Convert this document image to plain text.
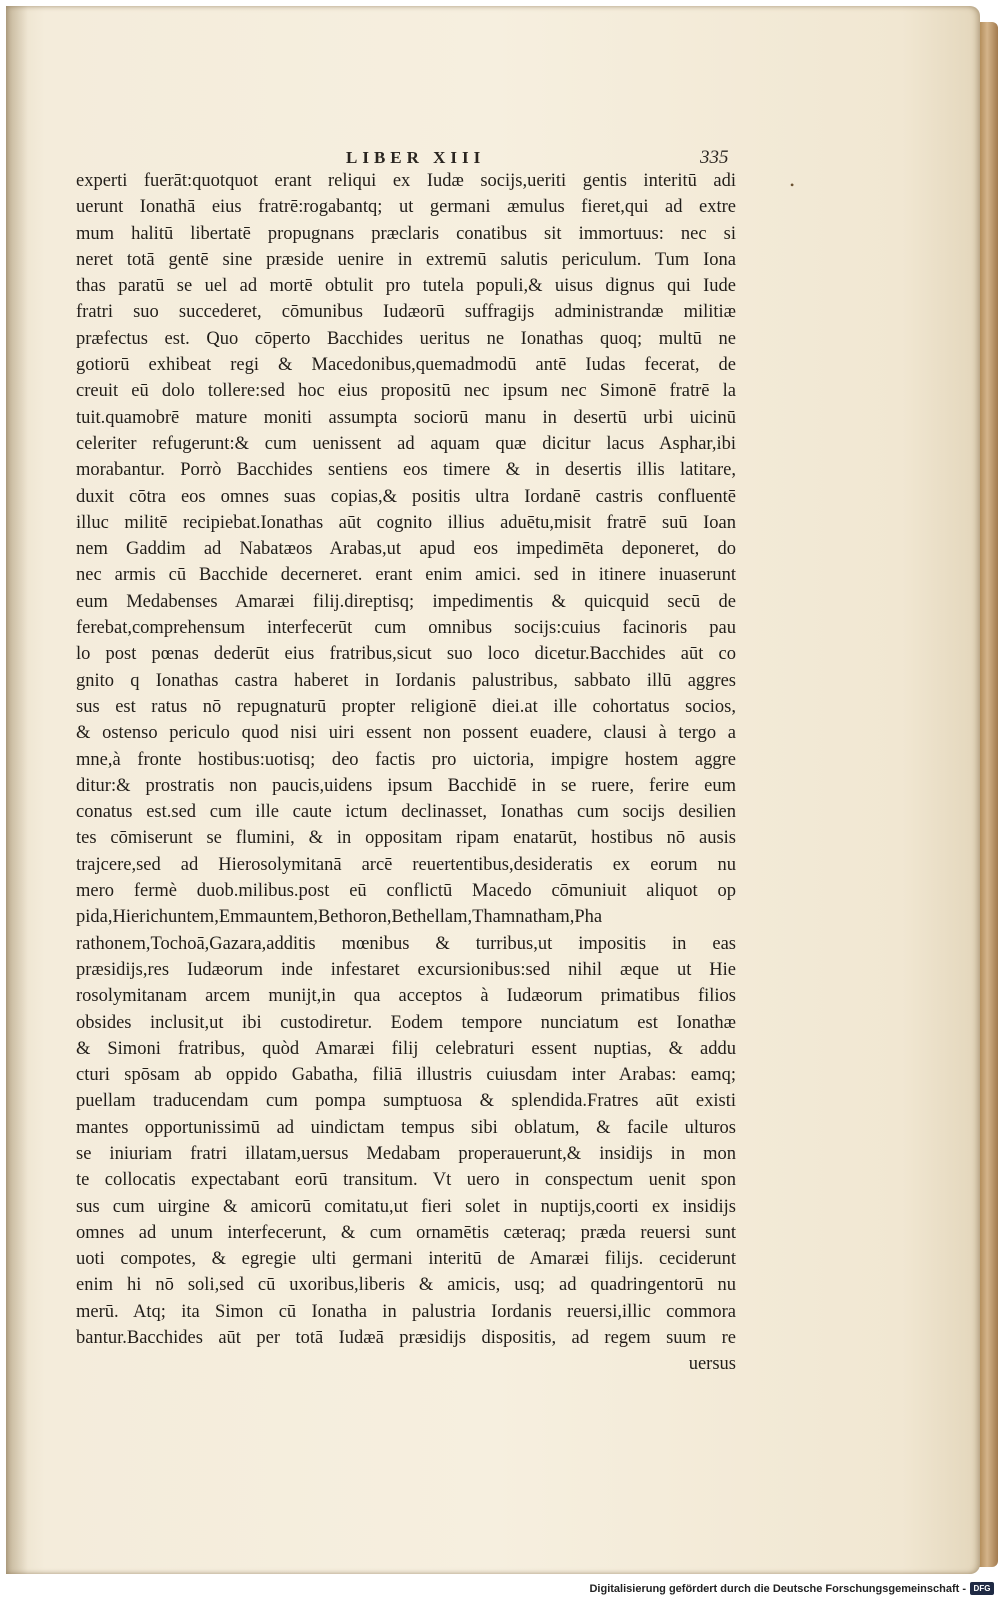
LIBER XIII	335
•
experti fuerāt:quotquot erant reliqui ex Iudæ socijs,ueriti gentis interitū adi
uerunt Ionathā eius fratrē:rogabantq; ut germani æmulus fieret,qui ad extre
mum halitū libertatē propugnans præclaris conatibus sit immortuus: nec si
neret totā gentē sine præside uenire in extremū salutis periculum. Tum Iona
thas paratū se uel ad mortē obtulit pro tutela populi,& uisus dignus qui Iude
fratri suo succederet, cōmunibus Iudæorū suffragijs administrandæ militiæ
præfectus est. Quo cōperto Bacchides ueritus ne Ionathas quoq; multū ne
gotiorū exhibeat regi & Macedonibus,quemadmodū antē Iudas fecerat, de
creuit eū dolo tollere:sed hoc eius propositū nec ipsum nec Simonē fratrē la
tuit.quamobrē mature moniti assumpta sociorū manu in desertū urbi uicinū
celeriter refugerunt:& cum uenissent ad aquam quæ dicitur lacus Asphar,ibi
morabantur. Porrò Bacchides sentiens eos timere & in desertis illis latitare,
duxit cōtra eos omnes suas copias,& positis ultra Iordanē castris confluentē
illuc militē recipiebat.Ionathas aūt cognito illius aduētu,misit fratrē suū Ioan
nem Gaddim ad Nabatæos Arabas,ut apud eos impedimēta deponeret, do
nec armis cū Bacchide decerneret. erant enim amici. sed in itinere inuaserunt
eum Medabenses Amaræi filij.direptisq; impedimentis & quicquid secū de
ferebat,comprehensum interfecerūt cum omnibus socijs:cuius facinoris pau
lo post pœnas dederūt eius fratribus,sicut suo loco dicetur.Bacchides aūt co
gnito q Ionathas castra haberet in Iordanis palustribus, sabbato illū aggres
sus est ratus nō repugnaturū propter religionē diei.at ille cohortatus socios,
& ostenso periculo quod nisi uiri essent non possent euadere, clausi à tergo a
mne,à fronte hostibus:uotisq; deo factis pro uictoria, impigre hostem aggre
ditur:& prostratis non paucis,uidens ipsum Bacchidē in se ruere, ferire eum
conatus est.sed cum ille caute ictum declinasset, Ionathas cum socijs desilien
tes cōmiserunt se flumini, & in oppositam ripam enatarūt, hostibus nō ausis
trajcere,sed ad Hierosolymitanā arcē reuertentibus,desideratis ex eorum nu
mero fermè duob.milibus.post eū conflictū Macedo cōmuniuit aliquot op
pida,Hierichuntem,Emmauntem,Bethoron,Bethellam,Thamnatham,Pha
rathonem,Tochoā,Gazara,additis mœnibus & turribus,ut impositis in eas
præsidijs,res Iudæorum inde infestaret excursionibus:sed nihil æque ut Hie
rosolymitanam arcem munijt,in qua acceptos à Iudæorum primatibus filios
obsides inclusit,ut ibi custodiretur. Eodem tempore nunciatum est Ionathæ
& Simoni fratribus, quòd Amaræi filij celebraturi essent nuptias, & addu
cturi spōsam ab oppido Gabatha, filiā illustris cuiusdam inter Arabas: eamq;
puellam traducendam cum pompa sumptuosa & splendida.Fratres aūt existi
mantes opportunissimū ad uindictam tempus sibi oblatum, & facile ulturos
se iniuriam fratri illatam,uersus Medabam properauerunt,& insidijs in mon
te collocatis expectabant eorū transitum. Vt uero in conspectum uenit spon
sus cum uirgine & amicorū comitatu,ut fieri solet in nuptijs,coorti ex insidijs
omnes ad unum interfecerunt, & cum ornamētis cæteraq; præda reuersi sunt
uoti compotes, & egregie ulti germani interitū de Amaræi filijs. ceciderunt
enim hi nō soli,sed cū uxoribus,liberis & amicis, usq; ad quadringentorū nu
merū. Atq; ita Simon cū Ionatha in palustria Iordanis reuersi,illic commora
bantur.Bacchides aūt per totā Iudæā præsidijs dispositis, ad regem suum re
uersus
Digitalisierung gefördert durch die Deutsche Forschungsgemeinschaft - DFG
